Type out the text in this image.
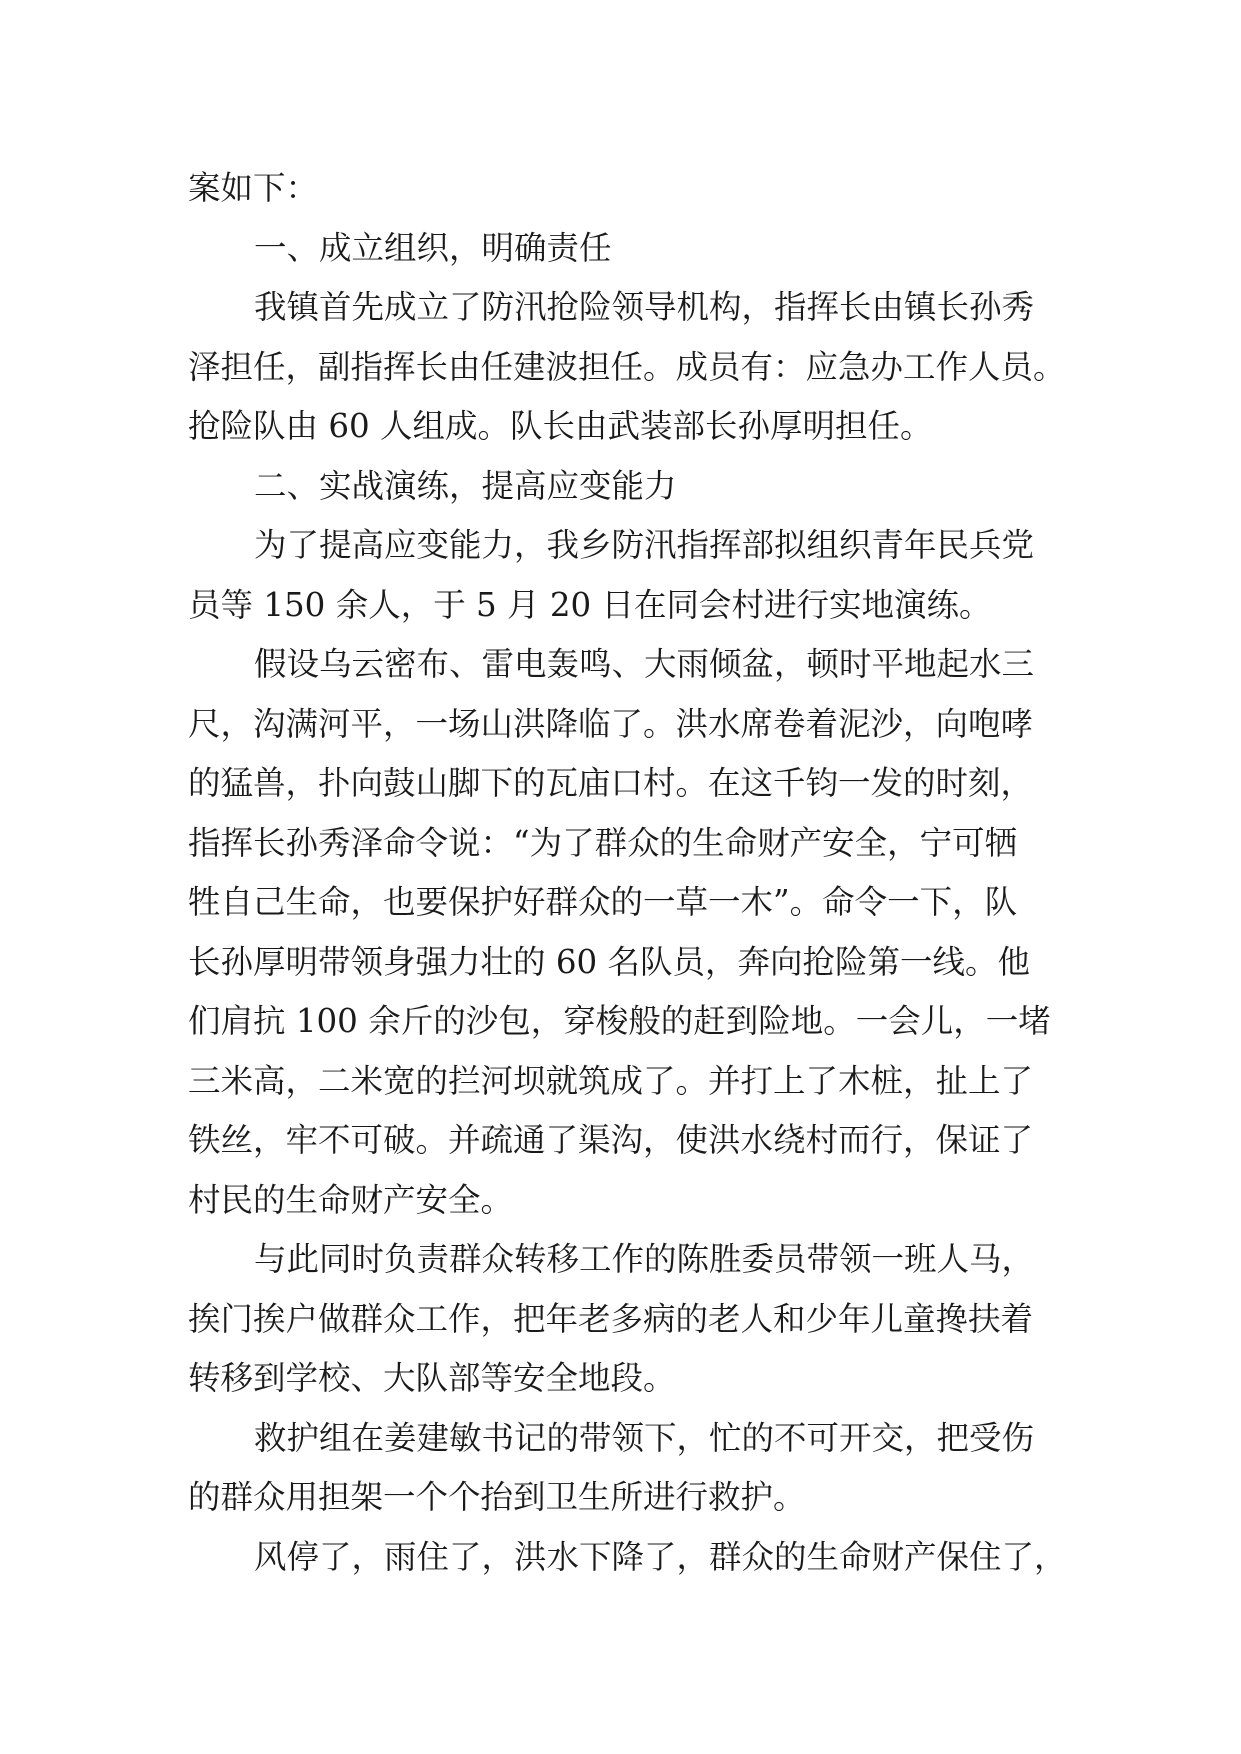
案如下：
一、成立组织，明确责任
我镇首先成立了防汛抢险领导机构，指挥长由镇长孙秀
泽担任，副指挥长由任建波担任。成员有：应急办工作人员。
抢险队由 60 人组成。队长由武装部长孙厚明担任。
二、实战演练，提高应变能力
为了提高应变能力，我乡防汛指挥部拟组织青年民兵党
员等 150 余人，于 5 月 20 日在同会村进行实地演练。
假设乌云密布、雷电轰鸣、大雨倾盆，顿时平地起水三
尺，沟满河平，一场山洪降临了。洪水席卷着泥沙，向咆哮
的猛兽，扑向鼓山脚下的瓦庙口村。在这千钧一发的时刻，
指挥长孙秀泽命令说：“为了群众的生命财产安全，宁可牺
牲自己生命，也要保护好群众的一草一木”。命令一下，队
长孙厚明带领身强力壮的 60 名队员，奔向抢险第一线。他
们肩抗 100 余斤的沙包，穿梭般的赶到险地。一会儿，一堵
三米高，二米宽的拦河坝就筑成了。并打上了木桩，扯上了
铁丝，牢不可破。并疏通了渠沟，使洪水绕村而行，保证了
村民的生命财产安全。
与此同时负责群众转移工作的陈胜委员带领一班人马，
挨门挨户做群众工作，把年老多病的老人和少年儿童搀扶着
转移到学校、大队部等安全地段。
救护组在姜建敏书记的带领下，忙的不可开交，把受伤
的群众用担架一个个抬到卫生所进行救护。
风停了，雨住了，洪水下降了，群众的生命财产保住了，
